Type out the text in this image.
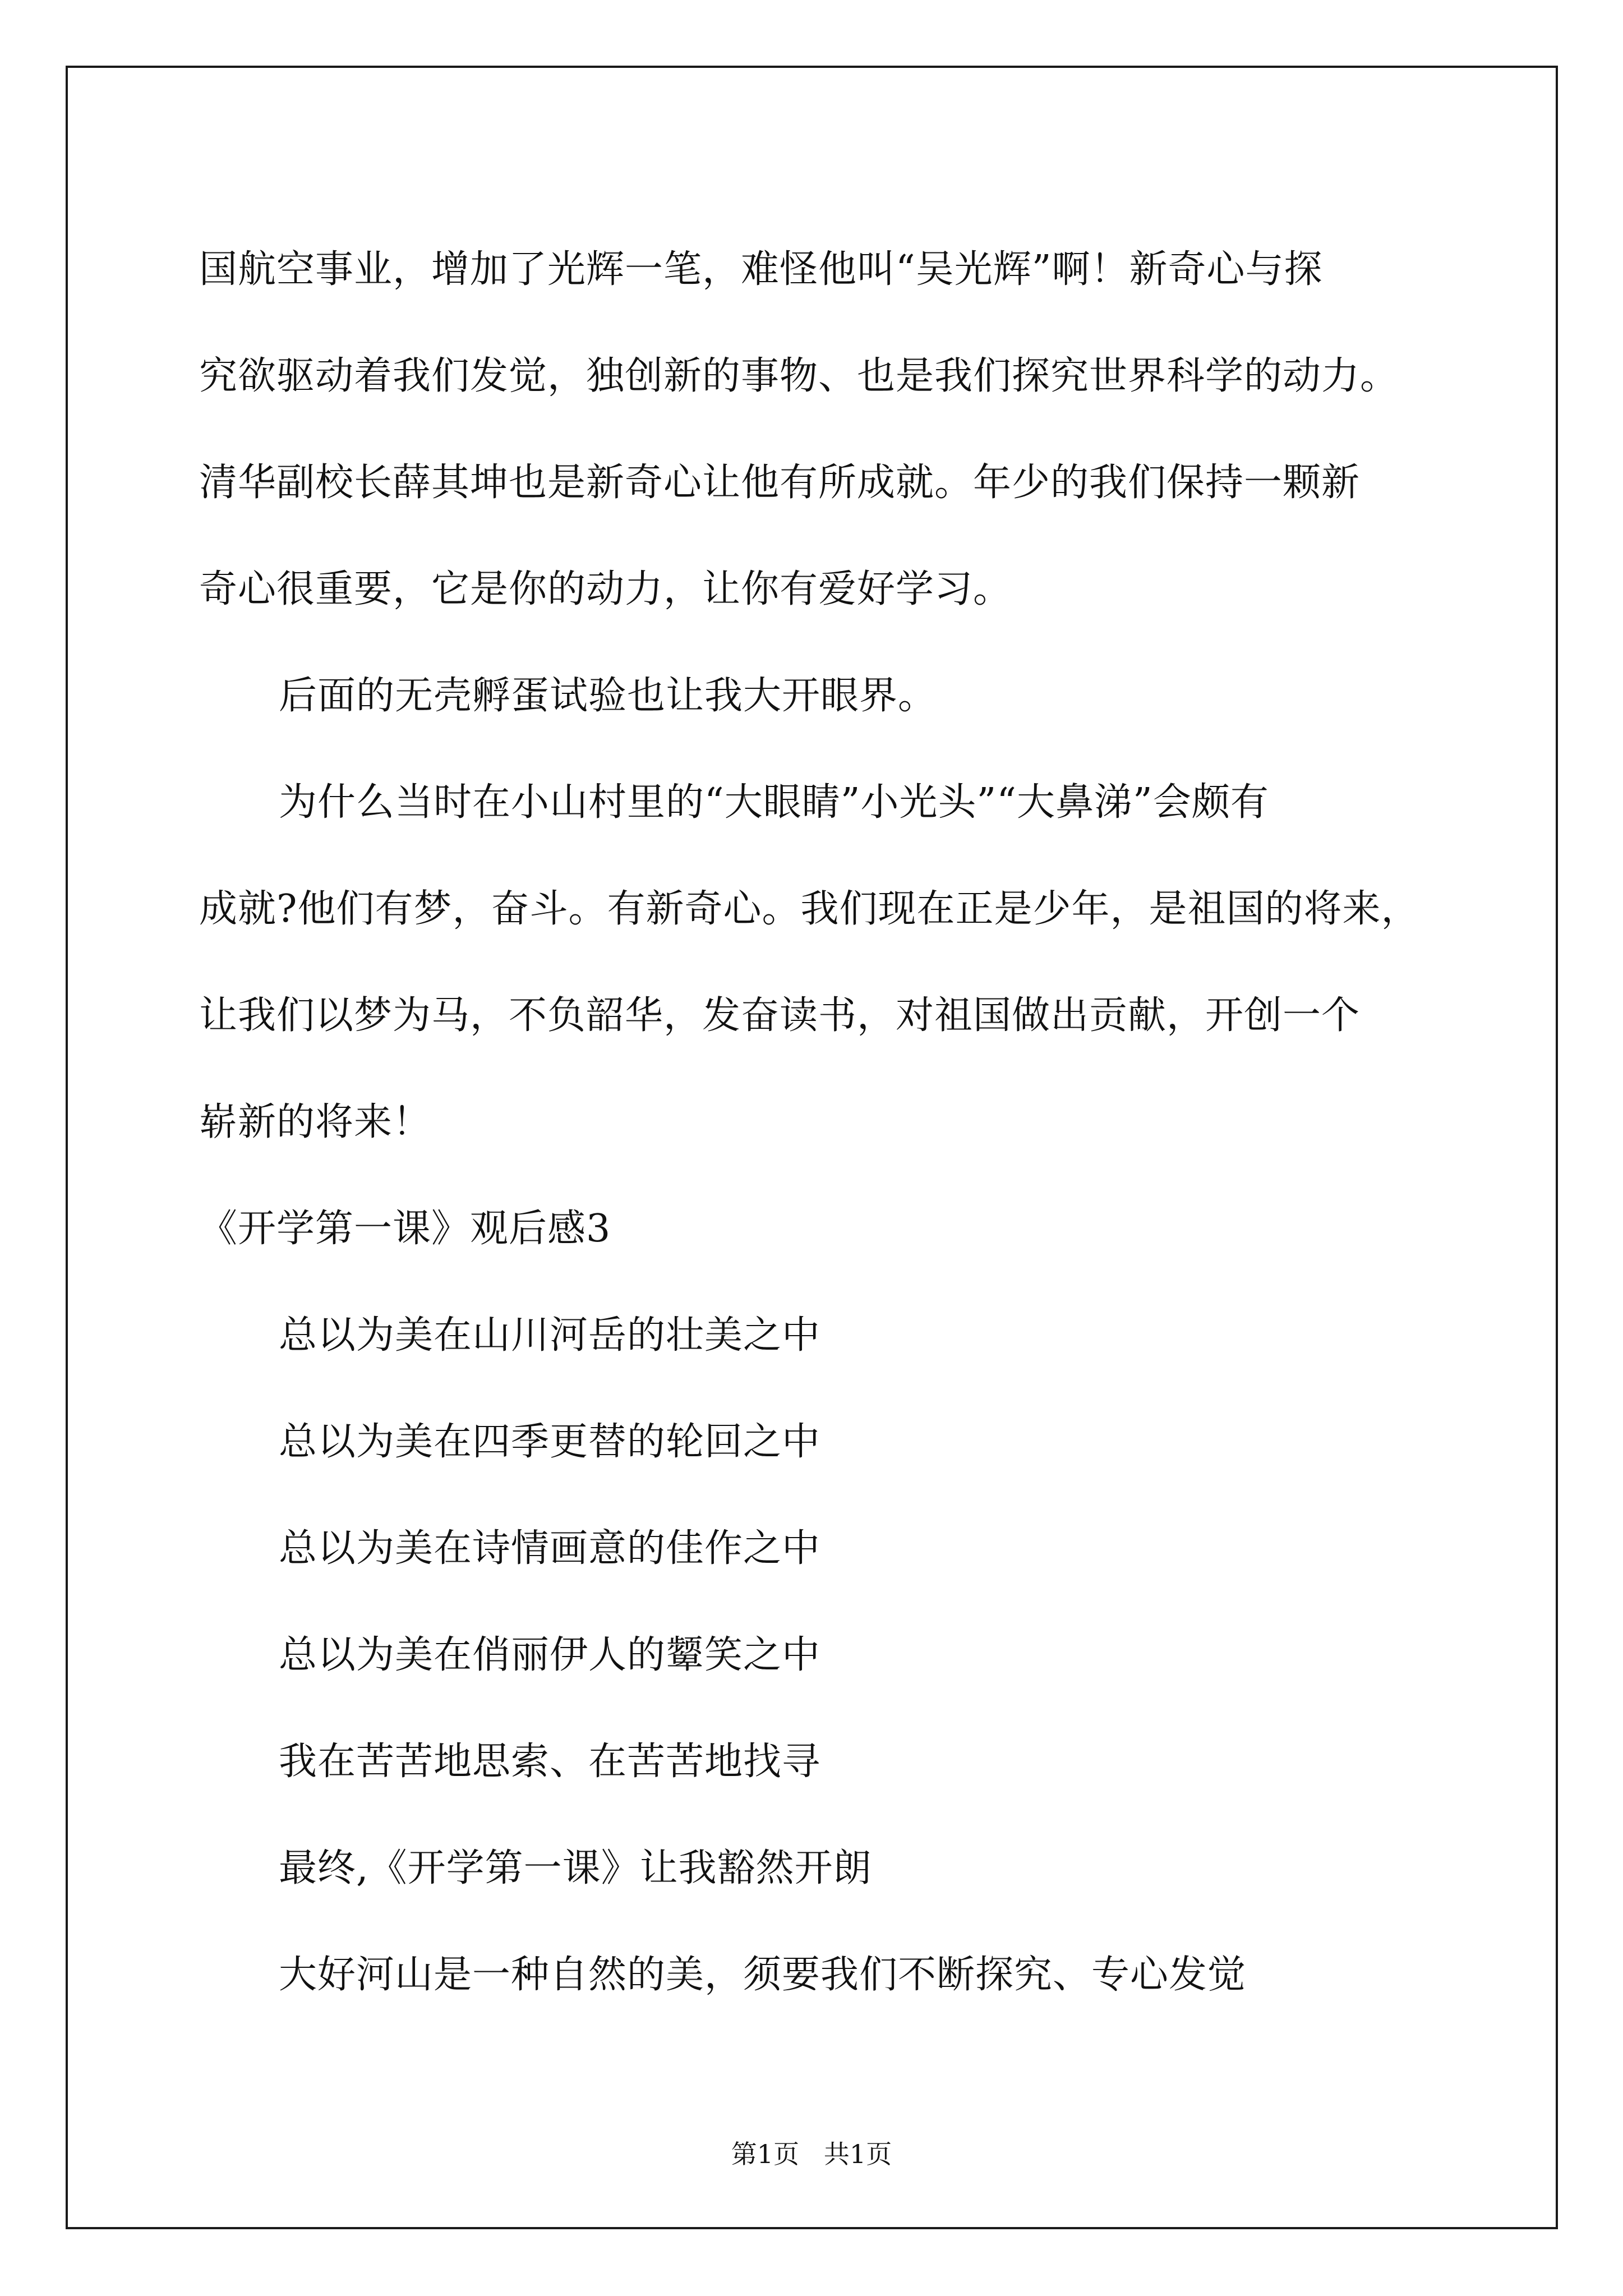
国航空事业，增加了光辉一笔，难怪他叫“吴光辉”啊！新奇心与探
究欲驱动着我们发觉，独创新的事物、也是我们探究世界科学的动力。
清华副校长薛其坤也是新奇心让他有所成就。年少的我们保持一颗新
奇心很重要，它是你的动力，让你有爱好学习。
后面的无壳孵蛋试验也让我大开眼界。
为什么当时在小山村里的“大眼睛”小光头”“大鼻涕”会颇有
成就?他们有梦，奋斗。有新奇心。我们现在正是少年，是祖国的将来，
让我们以梦为马，不负韶华，发奋读书，对祖国做出贡献，开创一个
崭新的将来！
《开学第一课》观后感3
总以为美在山川河岳的壮美之中
总以为美在四季更替的轮回之中
总以为美在诗情画意的佳作之中
总以为美在俏丽伊人的颦笑之中
我在苦苦地思索、在苦苦地找寻
最终,《开学第一课》让我豁然开朗
大好河山是一种自然的美，须要我们不断探究、专心发觉
第1页   共1页
